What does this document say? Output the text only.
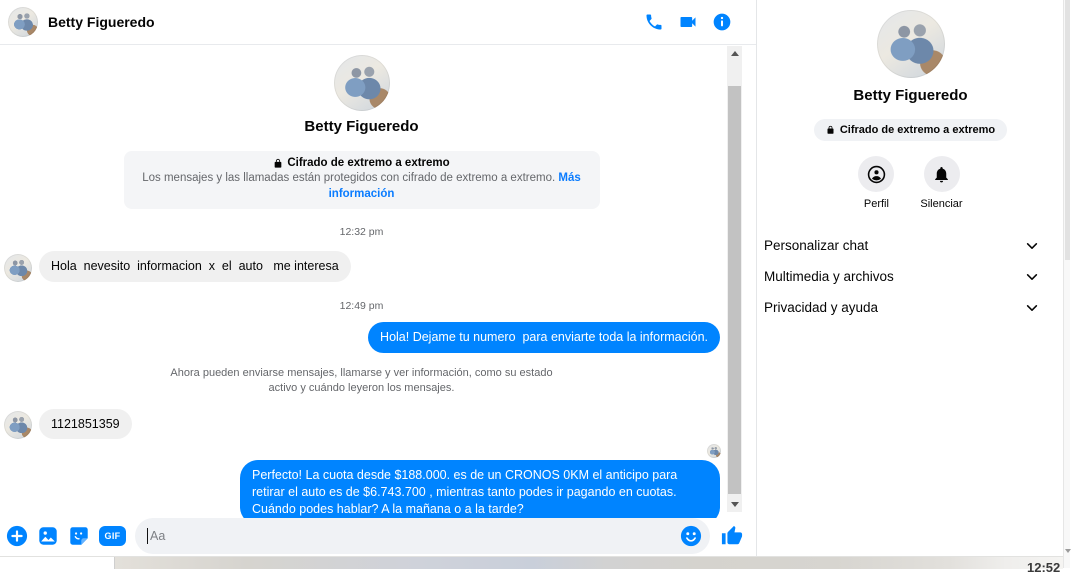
Betty Figueredo
Betty Figueredo
Cifrado de extremo a extremo
Los mensajes y las llamadas están protegidos con cifrado de extremo a extremo. Más información
12:32 pm
Hola  nevesito  informacion  x  el  auto   me interesa
12:49 pm
Hola! Dejame tu numero  para enviarte toda la información.
Ahora pueden enviarse mensajes, llamarse y ver información, como su estado activo y cuándo leyeron los mensajes.
1121851359
Perfecto! La cuota desde $188.000. es de un CRONOS 0KM el anticipo para retirar el auto es de $6.743.700 , mientras tanto podes ir pagando en cuotas. Cuándo podes hablar? A la mañana o a la tarde?
GIF
Aa
Betty Figueredo
Cifrado de extremo a extremo
Perfil	Silenciar
Personalizar chat
Multimedia y archivos
Privacidad y ayuda
12:52
